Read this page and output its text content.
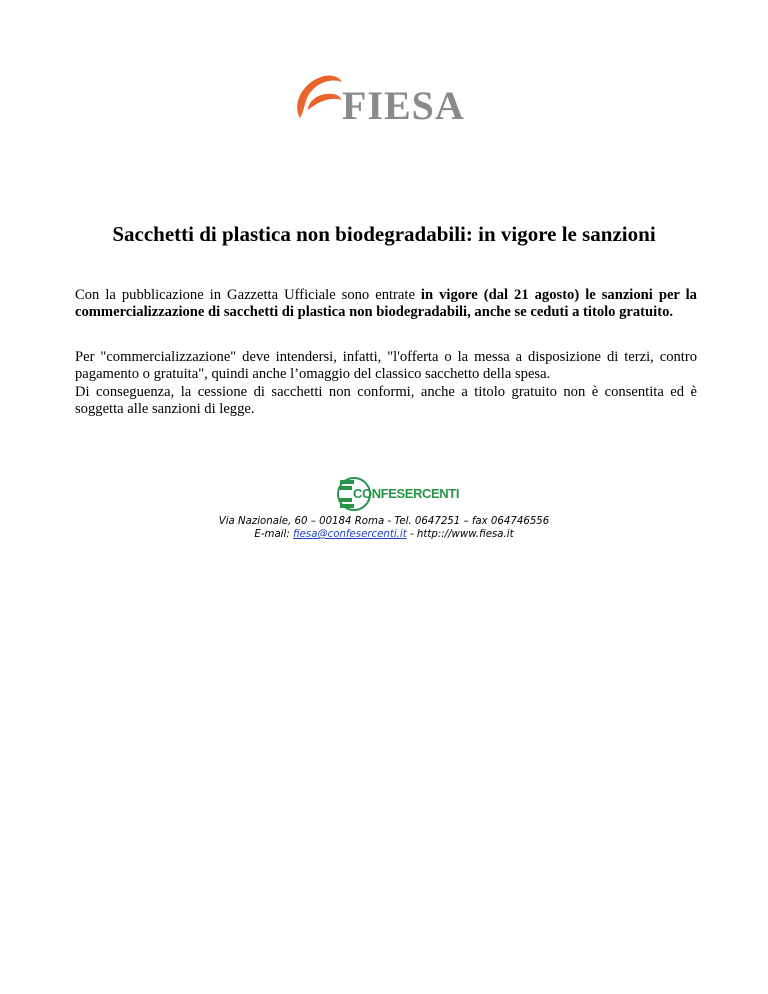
FIESA
Sacchetti di plastica non biodegradabili: in vigore le sanzioni
Con la pubblicazione in Gazzetta Ufficiale sono entrate in vigore (dal 21 agosto) le sanzioni per la commercializzazione di sacchetti di plastica non biodegradabili, anche se ceduti a titolo gratuito.
Per "commercializzazione" deve intendersi, infatti, "l'offerta o la messa a disposizione di terzi, contro pagamento o gratuita", quindi anche l’omaggio del classico sacchetto della spesa.
Di conseguenza, la cessione di sacchetti non conformi, anche a titolo gratuito non è consentita ed è soggetta alle sanzioni di legge.
CONFESERCENTI
Via Nazionale, 60 – 00184 Roma - Tel. 0647251 – fax 064746556
E-mail: fiesa@confesercenti.it - http:://www.fiesa.it
